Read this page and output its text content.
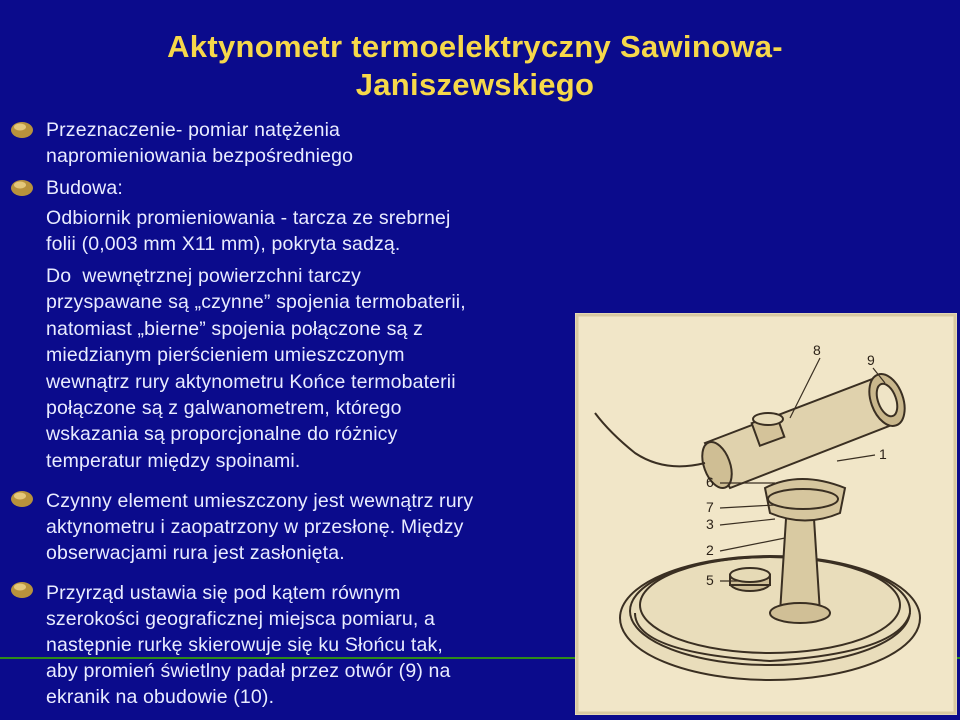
Aktynometr termoelektryczny Sawinowa-
Janiszewskiego
Przeznaczenie- pomiar natężenia
napromieniowania bezpośredniego
Budowa:
Odbiornik promieniowania - tarcza ze srebrnej
folii (0,003 mm X11 mm), pokryta sadzą.
Do  wewnętrznej powierzchni tarczy
przyspawane są „czynne” spojenia termobaterii,
natomiast „bierne” spojenia połączone są z
miedzianym pierścieniem umieszczonym
wewnątrz rury aktynometru Końce termobaterii
połączone są z galwanometrem, którego
wskazania są proporcjonalne do różnicy
temperatur między spoinami.
Czynny element umieszczony jest wewnątrz rury
aktynometru i zaopatrzony w przesłonę. Między
obserwacjami rura jest zasłonięta.
Przyrząd ustawia się pod kątem równym
szerokości geograficznej miejsca pomiaru, a
następnie rurkę skierowuje się ku Słońcu tak,
aby promień świetlny padał przez otwór (9) na
ekranik na obudowie (10).
8
9
1
6
7
3
2
5
